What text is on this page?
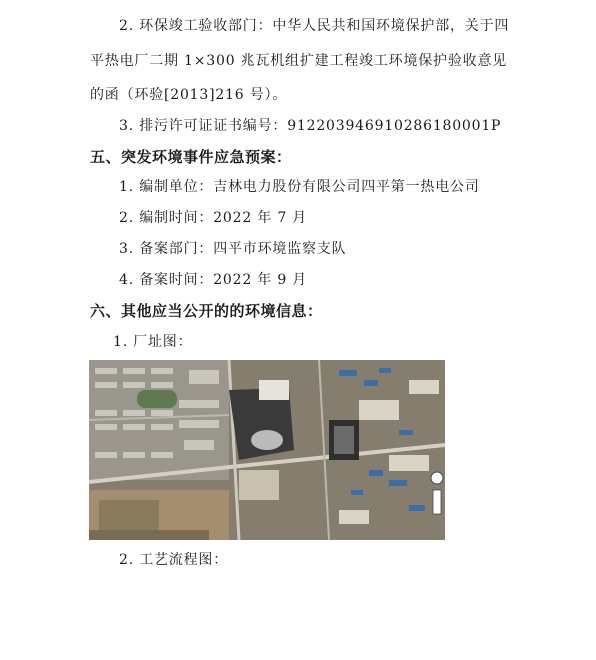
2. 环保竣工验收部门：中华人民共和国环境保护部，关于四
平热电厂二期 1×300 兆瓦机组扩建工程竣工环境保护验收意见
的函（环验[2013]216 号）。
3. 排污许可证证书编号：91220394691028618000​1P
五、突发环境事件应急预案：
1. 编制单位：吉林电力股份有限公司四平第一热电公司
2. 编制时间：2022 年 7 月
3. 备案部门：四平市环境监察支队
4. 备案时间：2022 年 9 月
六、其他应当公开的的环境信息：
1. 厂址图：
2. 工艺流程图：
